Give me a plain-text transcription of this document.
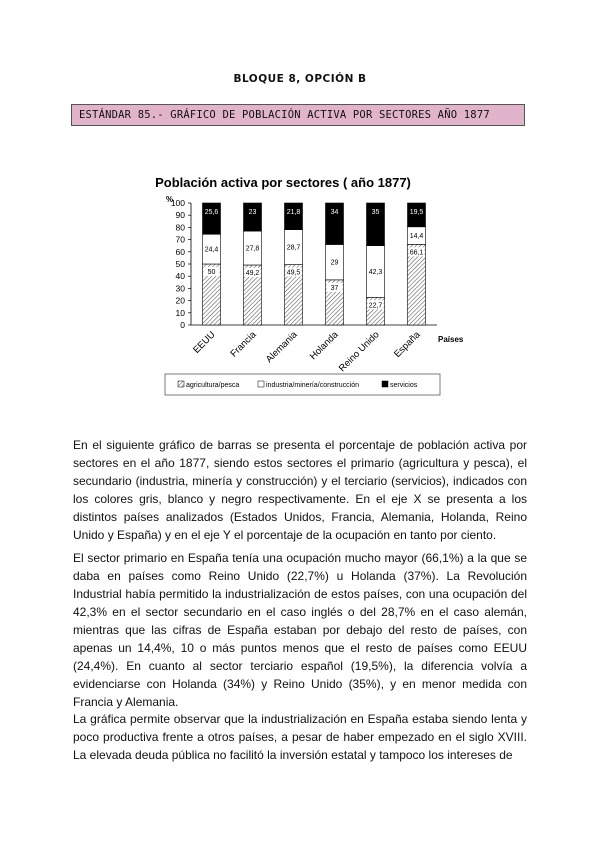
BLOQUE 8, OPCIÓN B
ESTÁNDAR 85.- GRÁFICO DE POBLACIÓN ACTIVA POR SECTORES AÑO 1877
Población activa por sectores ( año 1877)
%
0
10
20
30
40
50
60
70
80
90
100
50
24,4
25,6
49,2
27,8
23
49,5
28,7
21,8
37
29
34
22,7
42,3
35
66,1
14,4
19,5
EEUU Francia Alemania Holanda
Reino Unido España Países
agricultura/pesca	industria/minería/construcción	servicios

En el siguiente gráfico de barras se presenta el porcentaje de población activa por sectores en el año 1877, siendo estos sectores el primario (agricultura y pesca), el secundario (industria, minería y construcción) y el terciario (servicios), indicados con los colores gris, blanco y negro respectivamente. En el eje X se presenta a los distintos países analizados (Estados Unidos, Francia, Alemania, Holanda, Reino Unido y España) y en el eje Y el porcentaje de la ocupación en tanto por ciento.

El sector primario en España tenía una ocupación mucho mayor (66,1%) a la que se daba en países como Reino Unido (22,7%) u Holanda (37%). La Revolución Industrial había permitido la industrialización de estos países, con una ocupación del 42,3% en el sector secundario en el caso inglés o del 28,7% en el caso alemán, mientras que las cifras de España estaban por debajo del resto de países, con apenas un 14,4%, 10 o más puntos menos que el resto de países como EEUU (24,4%). En cuanto al sector terciario español (19,5%), la diferencia volvía a evidenciarse con Holanda (34%) y Reino Unido (35%), y en menor medida con Francia y Alemania.

La gráfica permite observar que la industrialización en España estaba siendo lenta y poco productiva frente a otros países, a pesar de haber empezado en el siglo XVIII. La elevada deuda pública no facilitó la inversión estatal y tampoco los intereses de
